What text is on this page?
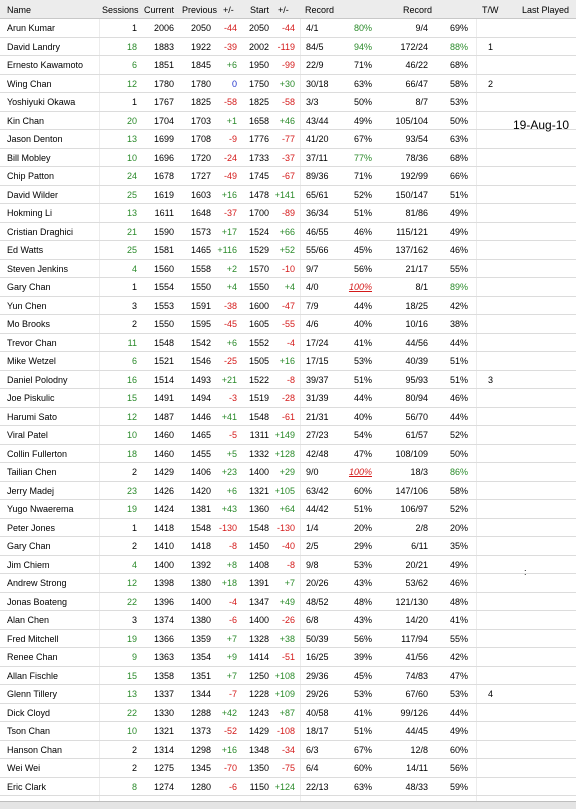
Name	Sessions Current Previous +/- Start +/- Record	Record	T/W	Last Played
Arun Kumar	1 2006 2050 -44 2050 -44 4/1	80%	9/4 69%
David Landry	18 1883 1922 -39 2002 -119 84/5	94%	172/24 88% 1
Ernesto Kawamoto	6 1851 1845 +6 1950 -99 22/9	71%	46/22 68%
Wing Chan	12 1780 1780 0 1750 +30 30/18	63%	66/47 58% 2
Yoshiyuki Okawa	1 1767 1825 -58 1825 -58 3/3	50%	8/7 53%
Kin Chan	20 1704 1703 +1 1658 +46 43/44	49%	105/104 50%
Jason Denton	13 1699 1708 -9 1776 -77 41/20	67%	93/54 63%
Bill Mobley	10 1696 1720 -24 1733 -37 37/11	77%	78/36 68%
Chip Patton	24 1678 1727 -49 1745 -67 89/36	71%	192/99 66%
David Wilder	25 1619 1603 +16 1478 +141 65/61	52%	150/147 51%
Hokming Li	13 1611 1648 -37 1700 -89 36/34	51%	81/86 49%
Cristian Draghici	21 1590 1573 +17 1524 +66 46/55	46%	115/121 49%
Ed Watts	25 1581 1465 +116 1529 +52 55/66	45%	137/162 46%
Steven Jenkins	4 1560 1558 +2 1570 -10 9/7	56%	21/17 55%
Gary Chan	1 1554 1550 +4 1550 +4 4/0	100%	8/1 89%
Yun Chen	3 1553 1591 -38 1600 -47 7/9	44%	18/25 42%
Mo Brooks	2 1550 1595 -45 1605 -55 4/6	40%	10/16 38%
Trevor Chan	11 1548 1542 +6 1552 -4 17/24	41%	44/56 44%
Mike Wetzel	6 1521 1546 -25 1505 +16 17/15	53%	40/39 51%
Daniel Polodny	16 1514 1493 +21 1522 -8 39/37	51%	95/93 51% 3
Joe Piskulic	15 1491 1494 -3 1519 -28 31/39	44%	80/94 46%
Harumi Sato	12 1487 1446 +41 1548 -61 21/31	40%	56/70 44%
Viral Patel	10 1460 1465 -5 1311 +149 27/23	54%	61/57 52%
Collin Fullerton	18 1460 1455 +5 1332 +128 42/48	47%	108/109 50%
Tailian Chen	2 1429 1406 +23 1400 +29 9/0	100%	18/3 86%
Jerry Madej	23 1426 1420 +6 1321 +105 63/42	60%	147/106 58%
Yugo Nwaerema	19 1424 1381 +43 1360 +64 44/42	51%	106/97 52%
Peter Jones	1 1418 1548 -130 1548 -130 1/4	20%	2/8 20%
Gary Chan	2 1410 1418 -8 1450 -40 2/5	29%	6/11 35%
Jim Chiem	4 1400 1392 +8 1408 -8 9/8	53%	20/21 49%
Andrew Strong	12 1398 1380 +18 1391 +7 20/26	43%	53/62 46%
Jonas Boateng	22 1396 1400 -4 1347 +49 48/52	48%	121/130 48%
Alan Chen	3 1374 1380 -6 1400 -26 6/8	43%	14/20 41%
Fred Mitchell	19 1366 1359 +7 1328 +38 50/39	56%	117/94 55%
Renee Chan	9 1363 1354 +9 1414 -51 16/25	39%	41/56 42%
Allan Fischle	15 1358 1351 +7 1250 +108 29/36	45%	74/83 47%
Glenn Tillery	13 1337 1344 -7 1228 +109 29/26	53%	67/60 53% 4
Dick Cloyd	22 1330 1288 +42 1243 +87 40/58	41%	99/126 44%
Tson Chan	10 1321 1373 -52 1429 -108 18/17	51%	44/45 49%
Hanson Chan	2 1314 1298 +16 1348 -34 6/3	67%	12/8 60%
Wei Wei	2 1275 1345 -70 1350 -75 6/4	60%	14/11 56%
Eric Clark	8 1274 1280 -6 1150 +124 22/13	63%	48/33 59%
19-Aug-10
:
